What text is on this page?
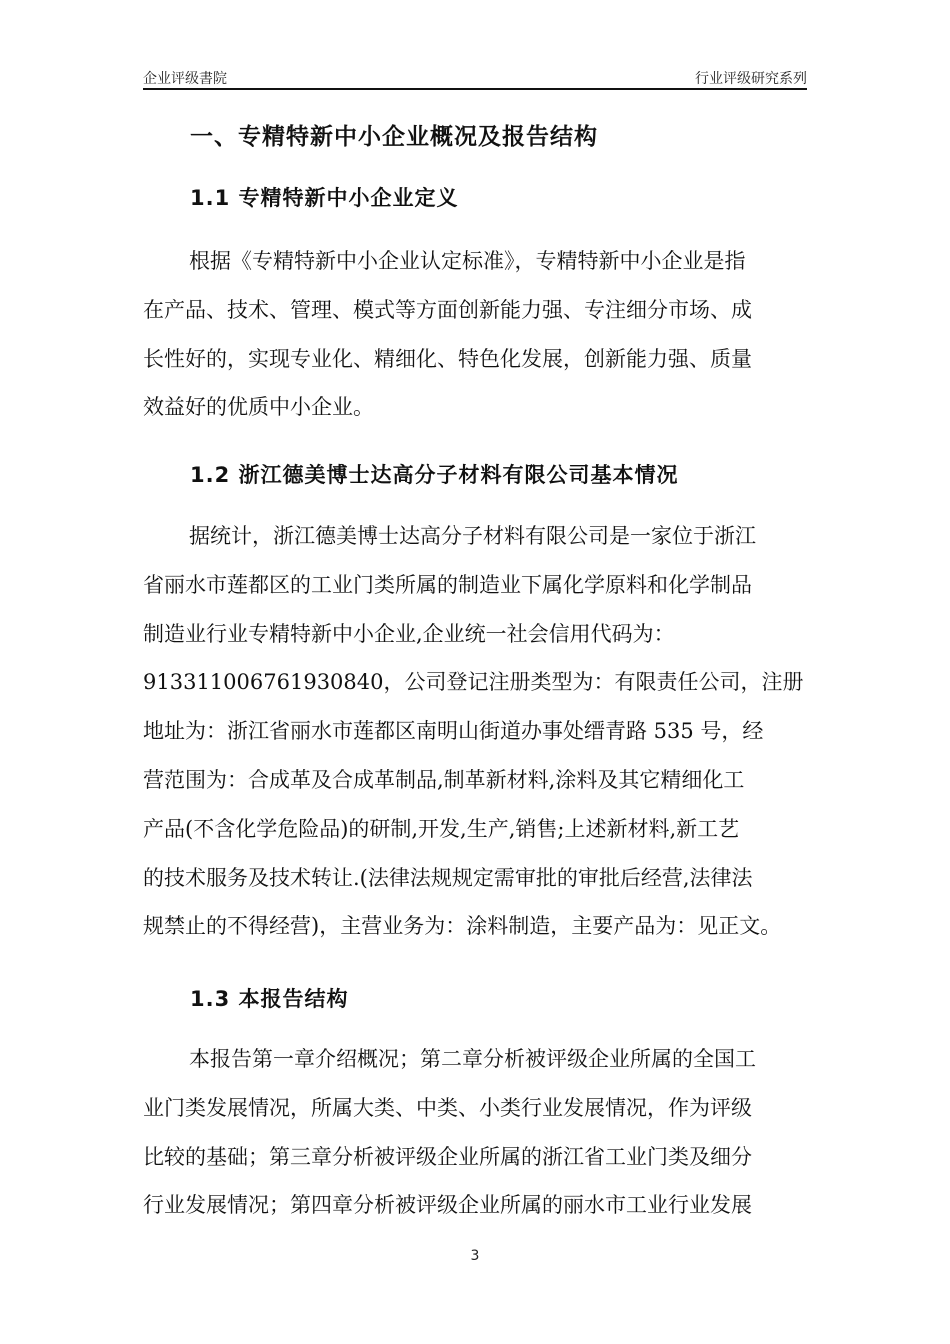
企业评级書院	行业评级研究系列
一、专精特新中小企业概况及报告结构
1.1 专精特新中小企业定义
根据《专精特新中小企业认定标准》，专精特新中小企业是指
在产品、技术、管理、模式等方面创新能力强、专注细分市场、成
长性好的，实现专业化、精细化、特色化发展，创新能力强、质量
效益好的优质中小企业。
1.2 浙江德美博士达高分子材料有限公司基本情况
据统计，浙江德美博士达高分子材料有限公司是一家位于浙江
省丽水市莲都区的工业门类所属的制造业下属化学原料和化学制品
制造业行业专精特新中小企业,企业统一社会信用代码为：
913311006761930840，公司登记注册类型为：有限责任公司，注册
地址为：浙江省丽水市莲都区南明山街道办事处缙青路 535 号，经
营范围为：合成革及合成革制品,制革新材料,涂料及其它精细化工
产品(不含化学危险品)的研制,开发,生产,销售;上述新材料,新工艺
的技术服务及技术转让.(法律法规规定需审批的审批后经营,法律法
规禁止的不得经营)，主营业务为：涂料制造，主要产品为：见正文。
1.3 本报告结构
本报告第一章介绍概况；第二章分析被评级企业所属的全国工
业门类发展情况，所属大类、中类、小类行业发展情况，作为评级
比较的基础；第三章分析被评级企业所属的浙江省工业门类及细分
行业发展情况；第四章分析被评级企业所属的丽水市工业行业发展
3
